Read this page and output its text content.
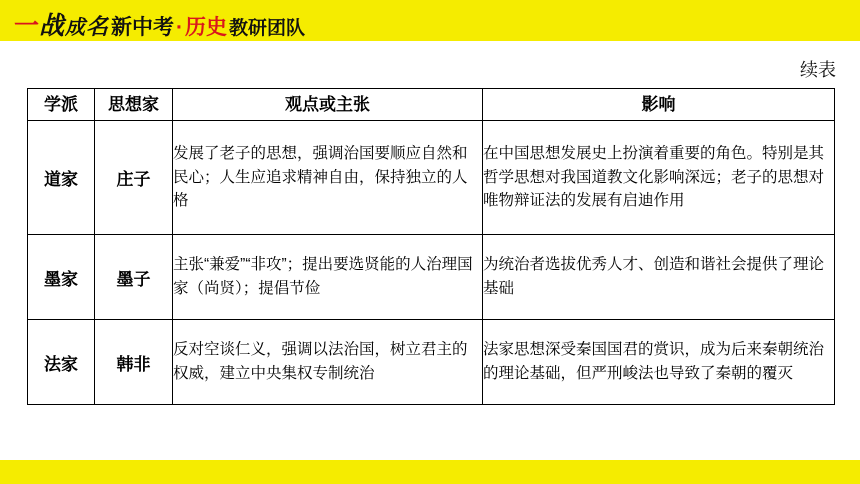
一 战 成 名 新中考 · 历史 教研团队
续表
学派	思想家	观点或主张	影响
道家	庄子	发展了老子的思想，强调治国要顺应自然和民心；人生应追求精神自由，保持独立的人格	在中国思想发展史上扮演着重要的角色。特别是其哲学思想对我国道教文化影响深远；老子的思想对唯物辩证法的发展有启迪作用
墨家	墨子	主张“兼爱”“非攻”；提出要选贤能的人治理国家（尚贤）；提倡节俭	为统治者选拔优秀人才、创造和谐社会提供了理论基础
法家	韩非	反对空谈仁义，强调以法治国，树立君主的权威，建立中央集权专制统治	法家思想深受秦国国君的赏识，成为后来秦朝统治的理论基础，但严刑峻法也导致了秦朝的覆灭
